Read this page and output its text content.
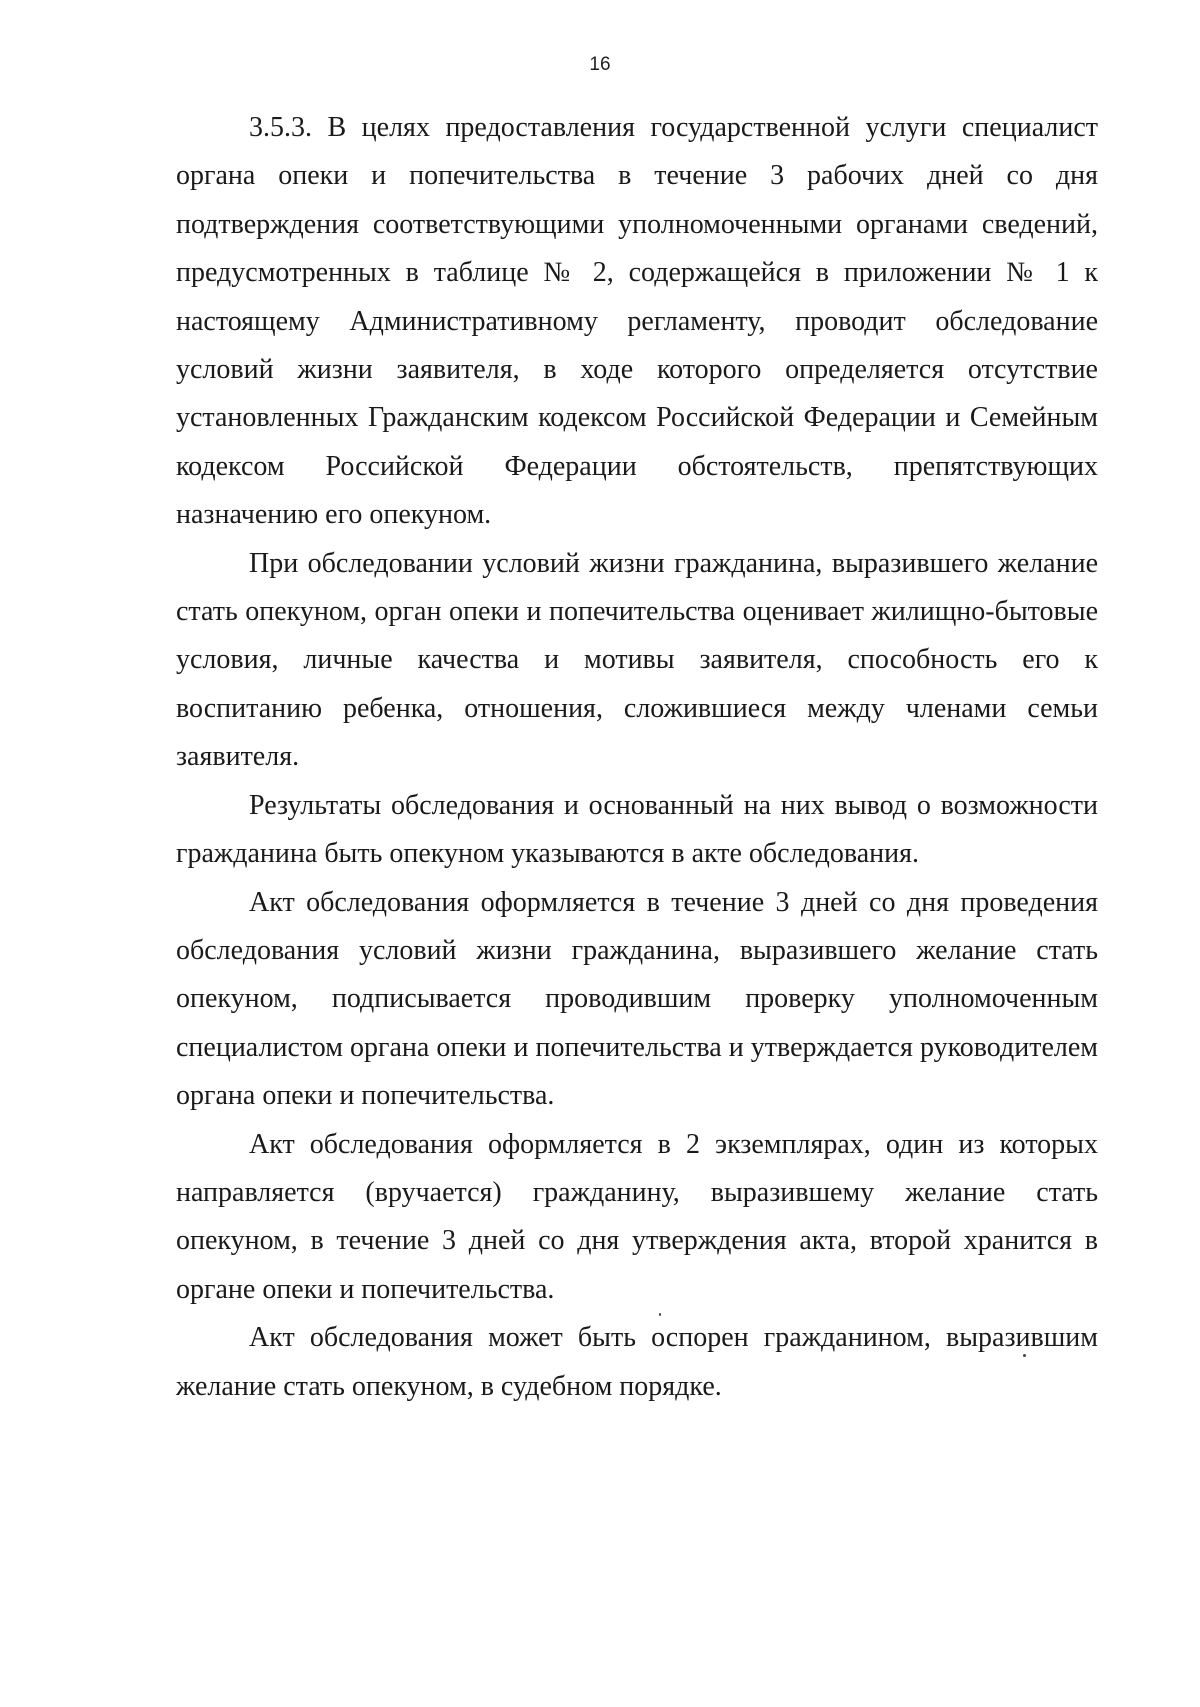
16

3.5.3. В целях предоставления государственной услуги специалист органа опеки и попечительства в течение 3 рабочих дней со дня подтверждения соответствующими уполномоченными органами сведений, предусмотренных в таблице № 2, содержащейся в приложении № 1 к настоящему Административному регламенту, проводит обследование условий жизни заявителя, в ходе которого определяется отсутствие установленных Гражданским кодексом Российской Федерации и Семейным кодексом Российской Федерации обстоятельств, препятствующих назначению его опекуном.

При обследовании условий жизни гражданина, выразившего желание стать опекуном, орган опеки и попечительства оценивает жилищно-бытовые условия, личные качества и мотивы заявителя, способность его к воспитанию ребенка, отношения, сложившиеся между членами семьи заявителя.

Результаты обследования и основанный на них вывод о возможности гражданина быть опекуном указываются в акте обследования.

Акт обследования оформляется в течение 3 дней со дня проведения обследования условий жизни гражданина, выразившего желание стать опекуном, подписывается проводившим проверку уполномоченным специалистом органа опеки и попечительства и утверждается руководителем органа опеки и попечительства.

Акт обследования оформляется в 2 экземплярах, один из которых направляется (вручается) гражданину, выразившему желание стать опекуном, в течение 3 дней со дня утверждения акта, второй хранится в органе опеки и попечительства.

Акт обследования может быть оспорен гражданином, выразившим желание стать опекуном, в судебном порядке.
